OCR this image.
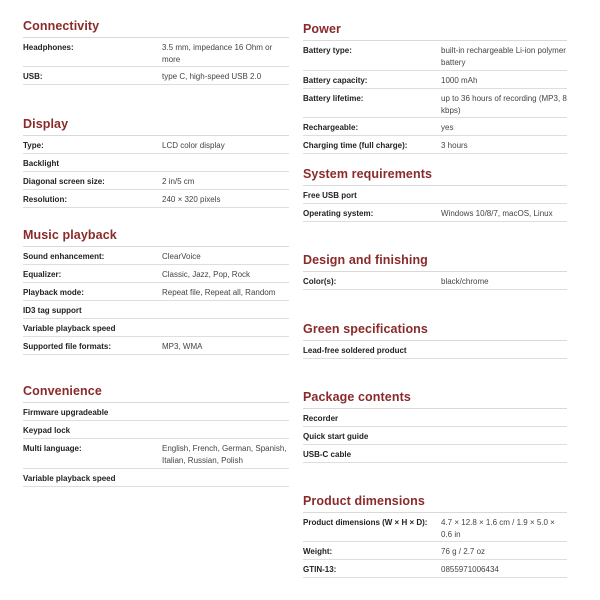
Connectivity
Headphones:	3.5 mm, impedance 16 Ohm or more
USB:	type C, high-speed USB 2.0
Display
Type:	LCD color display
Backlight
Diagonal screen size:	2 in/5 cm
Resolution:	240 × 320 pixels
Music playback
Sound enhancement:	ClearVoice
Equalizer:	Classic, Jazz, Pop, Rock
Playback mode:	Repeat file, Repeat all, Random
ID3 tag support
Variable playback speed
Supported file formats:	MP3, WMA
Convenience
Firmware upgradeable
Keypad lock
Multi language:	English, French, German, Spanish, Italian, Russian, Polish
Variable playback speed
Power
Battery type:	built-in rechargeable Li-ion polymer battery
Battery capacity:	1000 mAh
Battery lifetime:	up to 36 hours of recording (MP3, 8 kbps)
Rechargeable:	yes
Charging time (full charge):	3 hours
System requirements
Free USB port
Operating system:	Windows 10/8/7, macOS, Linux
Design and finishing
Color(s):	black/chrome
Green specifications
Lead-free soldered product
Package contents
Recorder
Quick start guide
USB-C cable
Product dimensions
Product dimensions (W × H × D):	4.7 × 12.8 × 1.6 cm / 1.9 × 5.0 × 0.6 in
Weight:	76 g / 2.7 oz
GTIN-13:	0855971006434
